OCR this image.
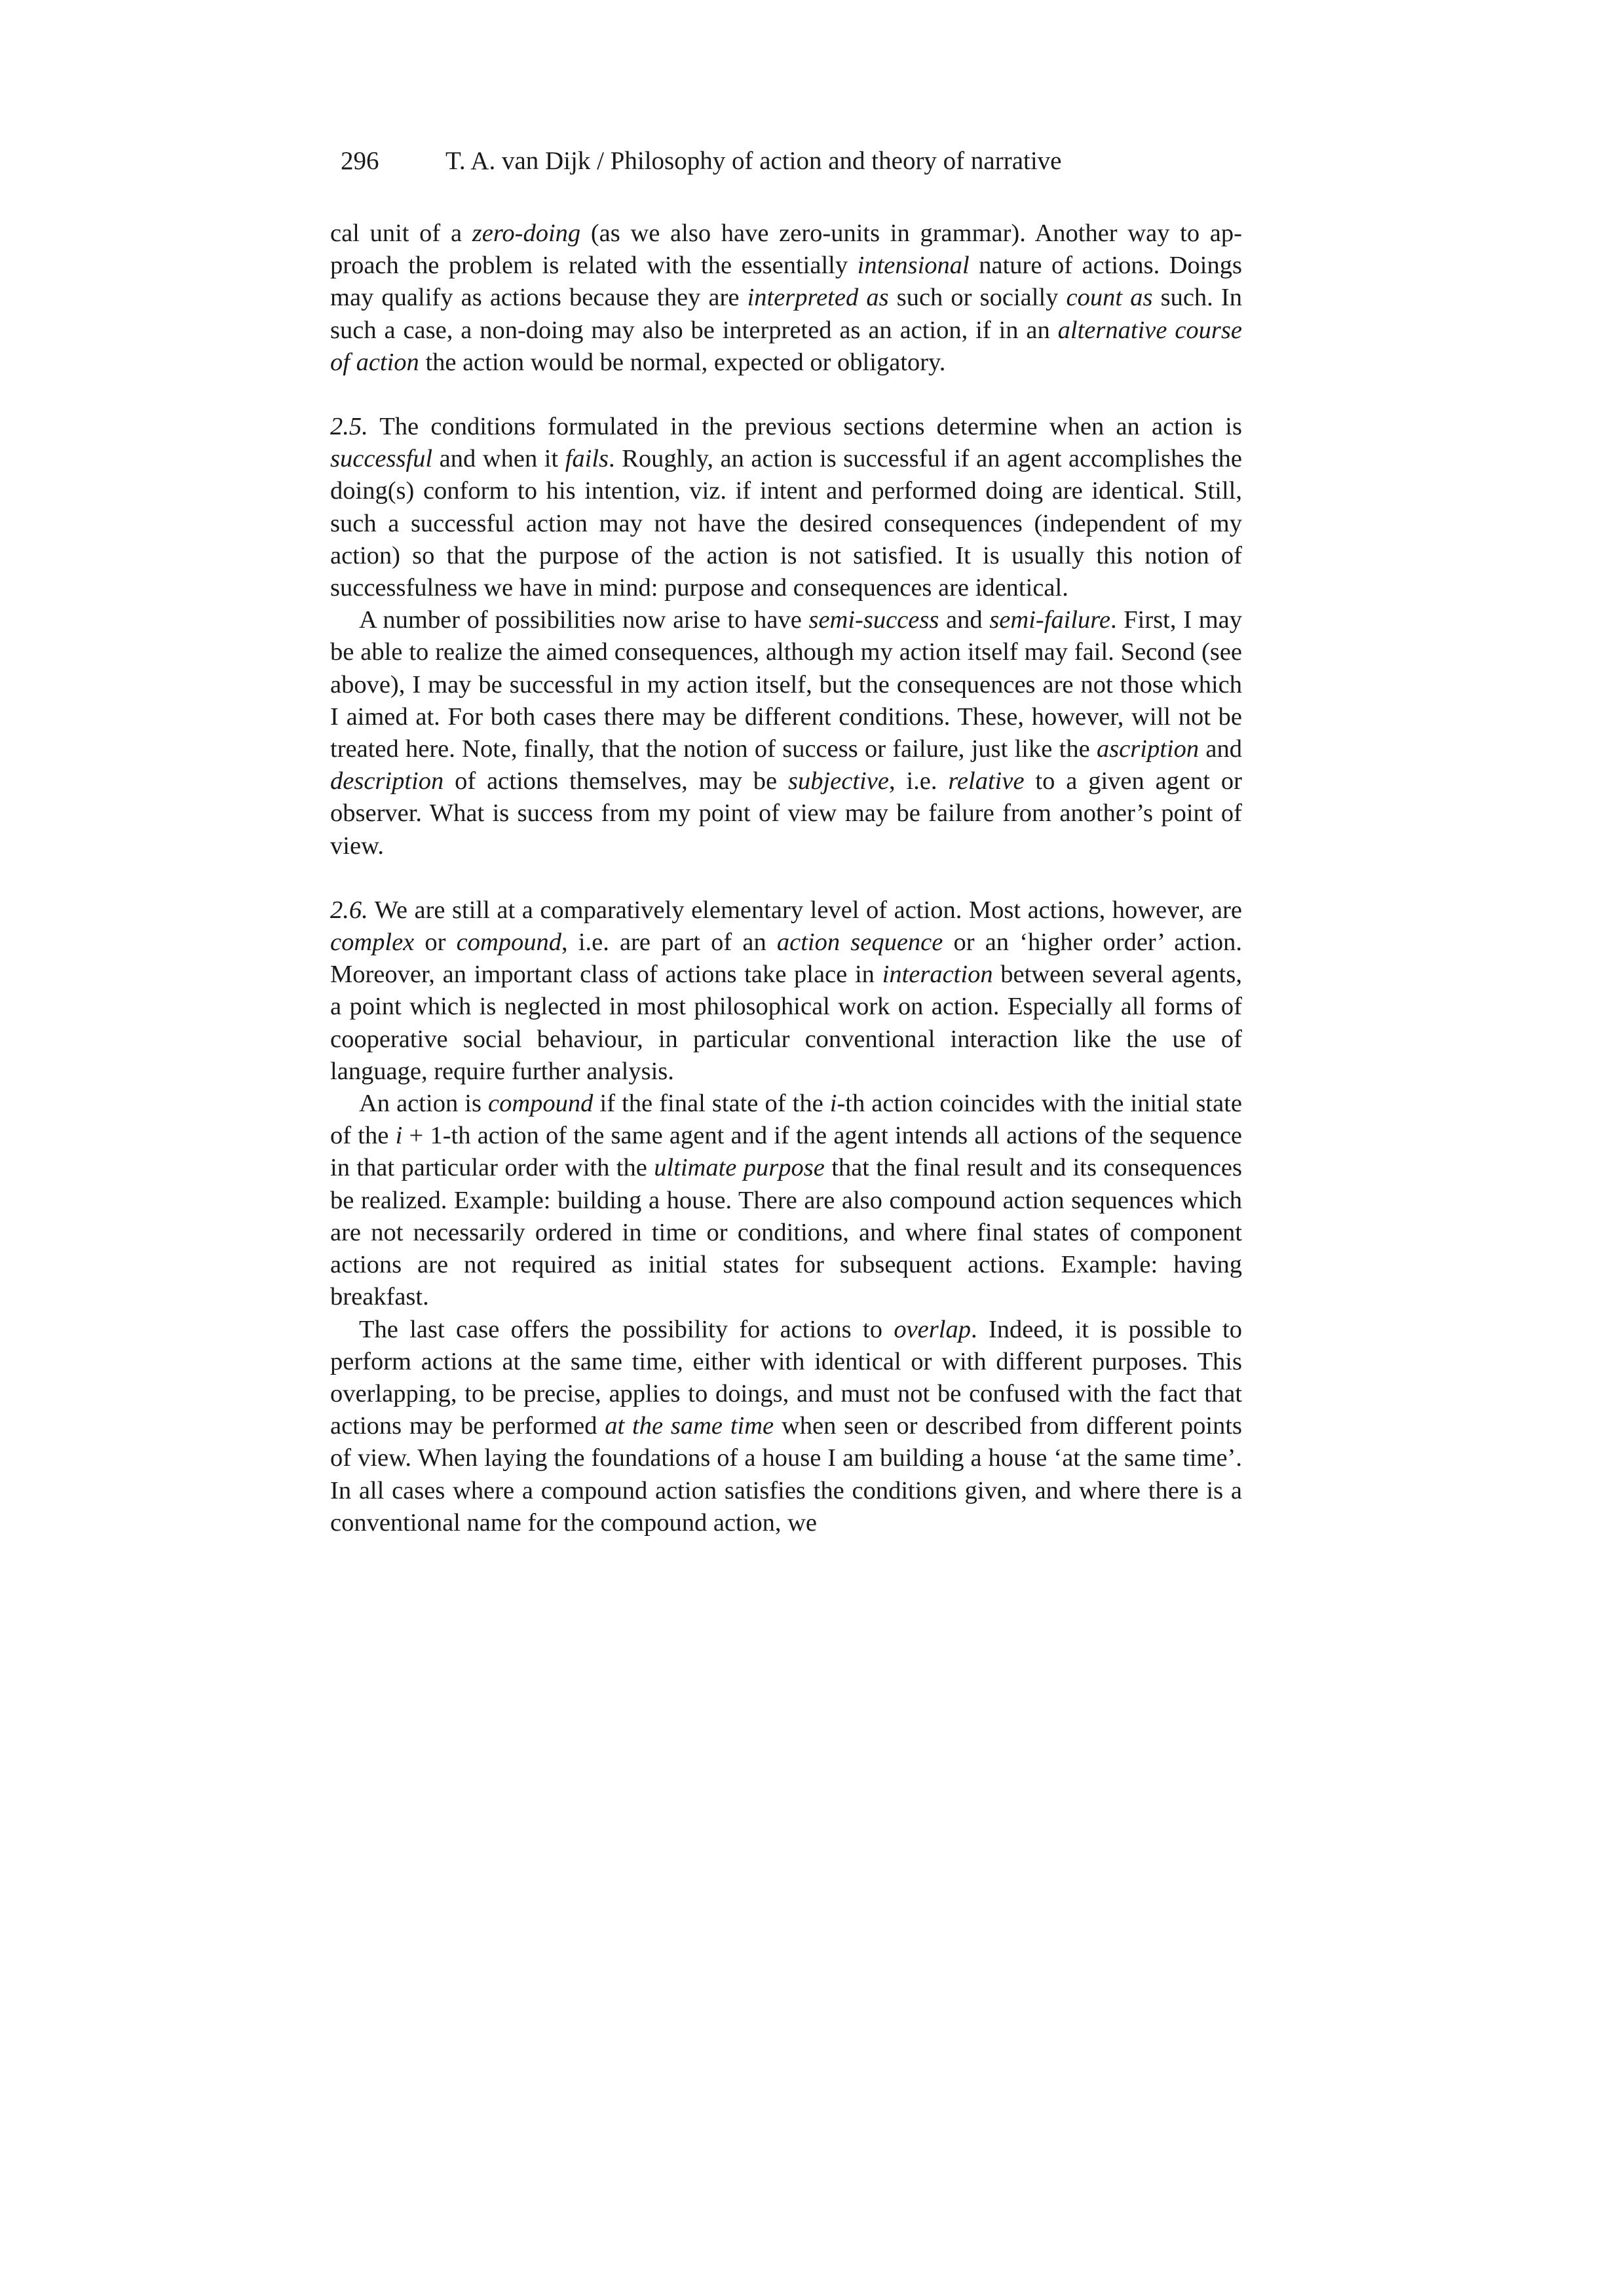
296	T. A. van Dijk / Philosophy of action and theory of narrative

cal unit of a zero-doing (as we also have zero-units in grammar). Another way to approach the problem is related with the essentially intensional nature of actions. Doings may qualify as actions because they are interpreted as such or socially count as such. In such a case, a non-doing may also be interpreted as an action, if in an alternative course of action the action would be normal, expected or obligatory.

2.5. The conditions formulated in the previous sections determine when an action is successful and when it fails. Roughly, an action is successful if an agent accomplishes the doing(s) conform to his intention, viz. if intent and performed doing are identical. Still, such a successful action may not have the desired consequences (independent of my action) so that the purpose of the action is not satisfied. It is usually this notion of successfulness we have in mind: purpose and consequences are identical.

A number of possibilities now arise to have semi-success and semi-failure. First, I may be able to realize the aimed consequences, although my action itself may fail. Second (see above), I may be successful in my action itself, but the consequences are not those which I aimed at. For both cases there may be different conditions. These, however, will not be treated here. Note, finally, that the notion of success or failure, just like the ascription and description of actions themselves, may be subjective, i.e. relative to a given agent or observer. What is success from my point of view may be failure from another’s point of view.

2.6. We are still at a comparatively elementary level of action. Most actions, however, are complex or compound, i.e. are part of an action sequence or an ‘higher order’ action. Moreover, an important class of actions take place in interaction between several agents, a point which is neglected in most philosophical work on action. Especially all forms of cooperative social behaviour, in particular conventional interaction like the use of language, require further analysis.

An action is compound if the final state of the i-th action coincides with the initial state of the i + 1-th action of the same agent and if the agent intends all actions of the sequence in that particular order with the ultimate purpose that the final result and its consequences be realized. Example: building a house. There are also compound action sequences which are not necessarily ordered in time or conditions, and where final states of component actions are not required as initial states for subsequent actions. Example: having breakfast.

The last case offers the possibility for actions to overlap. Indeed, it is possible to perform actions at the same time, either with identical or with different purposes. This overlapping, to be precise, applies to doings, and must not be confused with the fact that actions may be performed at the same time when seen or described from different points of view. When laying the foundations of a house I am building a house ‘at the same time’. In all cases where a compound action satisfies the conditions given, and where there is a conventional name for the compound action, we
